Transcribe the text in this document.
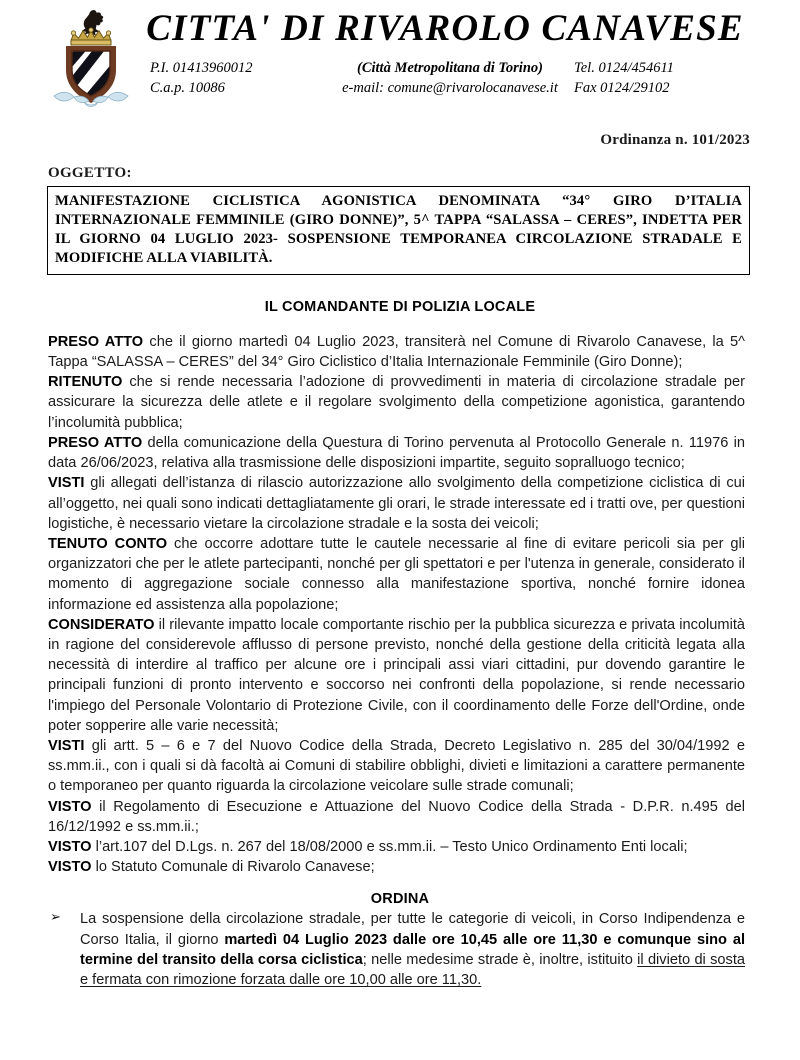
CITTA' DI RIVAROLO CANAVESE
P.I. 01413960012	(Città Metropolitana di Torino)	Tel. 0124/454611
C.a.p. 10086	e-mail: comune@rivarolocanavese.it	Fax 0124/29102
Ordinanza n. 101/2023
OGGETTO:
MANIFESTAZIONE CICLISTICA AGONISTICA DENOMINATA “34° GIRO D’ITALIA INTERNAZIONALE FEMMINILE (GIRO DONNE)”, 5^ TAPPA “SALASSA – CERES”, INDETTA PER IL GIORNO 04 LUGLIO 2023- SOSPENSIONE TEMPORANEA CIRCOLAZIONE STRADALE E MODIFICHE ALLA VIABILITÀ.
IL COMANDANTE DI POLIZIA LOCALE

PRESO ATTO che il giorno martedì 04 Luglio 2023, transiterà nel Comune di Rivarolo Canavese, la 5^ Tappa “SALASSA – CERES” del 34° Giro Ciclistico d’Italia Internazionale Femminile (Giro Donne);

RITENUTO che si rende necessaria l’adozione di provvedimenti in materia di circolazione stradale per assicurare la sicurezza delle atlete e il regolare svolgimento della competizione agonistica, garantendo l’incolumità pubblica;

PRESO ATTO della comunicazione della Questura di Torino pervenuta al Protocollo Generale n. 11976 in data 26/06/2023, relativa alla trasmissione delle disposizioni impartite, seguito sopralluogo tecnico;

VISTI gli allegati dell’istanza di rilascio autorizzazione allo svolgimento della competizione ciclistica di cui all’oggetto, nei quali sono indicati dettagliatamente gli orari, le strade interessate ed i tratti ove, per questioni logistiche, è necessario vietare la circolazione stradale e la sosta dei veicoli;

TENUTO CONTO che occorre adottare tutte le cautele necessarie al fine di evitare pericoli sia per gli organizzatori che per le atlete partecipanti, nonché per gli spettatori e per l'utenza in generale, considerato il momento di aggregazione sociale connesso alla manifestazione sportiva, nonché fornire idonea informazione ed assistenza alla popolazione;

CONSIDERATO il rilevante impatto locale comportante rischio per la pubblica sicurezza e privata incolumità in ragione del considerevole afflusso di persone previsto, nonché della gestione della criticità legata alla necessità di interdire al traffico per alcune ore i principali assi viari cittadini, pur dovendo garantire le principali funzioni di pronto intervento e soccorso nei confronti della popolazione, si rende necessario l'impiego del Personale Volontario di Protezione Civile, con il coordinamento delle Forze dell'Ordine, onde poter sopperire alle varie necessità;

VISTI gli artt. 5 – 6 e 7 del Nuovo Codice della Strada, Decreto Legislativo n. 285 del 30/04/1992 e ss.mm.ii., con i quali si dà facoltà ai Comuni di stabilire obblighi, divieti e limitazioni a carattere permanente o temporaneo per quanto riguarda la circolazione veicolare sulle strade comunali;

VISTO il Regolamento di Esecuzione e Attuazione del Nuovo Codice della Strada - D.P.R. n.495 del 16/12/1992 e ss.mm.ii.;

VISTO l’art.107 del D.Lgs. n. 267 del 18/08/2000 e ss.mm.ii. – Testo Unico Ordinamento Enti locali;

VISTO lo Statuto Comunale di Rivarolo Canavese;

ORDINA
➢	La sospensione della circolazione stradale, per tutte le categorie di veicoli, in Corso Indipendenza e Corso Italia, il giorno martedì 04 Luglio 2023 dalle ore 10,45 alle ore 11,30 e comunque sino al termine del transito della corsa ciclistica; nelle medesime strade è, inoltre, istituito il divieto di sosta e fermata con rimozione forzata dalle ore 10,00 alle ore 11,30.
